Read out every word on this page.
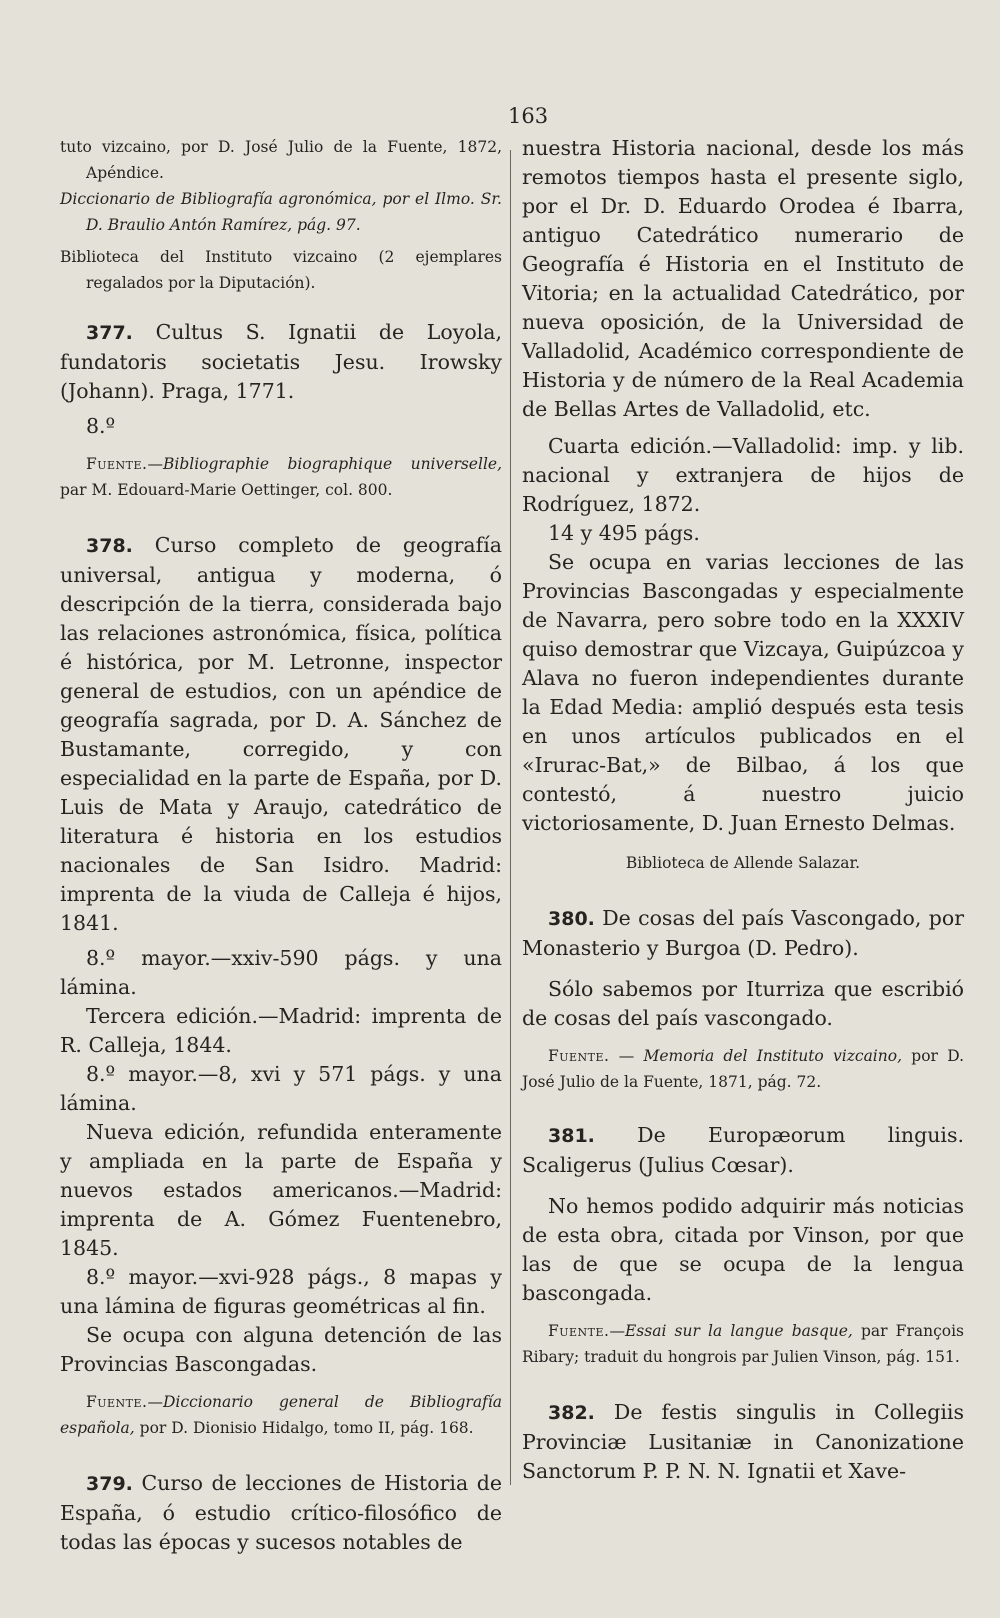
163

tuto vizcaino, por D. José Julio de la Fuente, 1872, Apéndice.

Diccionario de Bibliografía agronómica, por el Ilmo. Sr. D. Braulio Antón Ramírez, pág. 97.

Biblioteca del Instituto vizcaino (2 ejemplares regalados por la Diputación).

377. Cultus S. Ignatii de Loyola, fundatoris societatis Jesu. Irowsky (Johann). Praga, 1771.

8.º

Fuente.—Bibliographie biographique universelle, par M. Edouard-Marie Oettinger, col. 800.

378. Curso completo de geografía universal, antigua y moderna, ó descripción de la tierra, considerada bajo las relaciones astronómica, física, política é histórica, por M. Letronne, inspector general de estudios, con un apéndice de geografía sagrada, por D. A. Sánchez de Bustamante, corregido, y con especialidad en la parte de España, por D. Luis de Mata y Araujo, catedrático de literatura é historia en los estudios nacionales de San Isidro. Madrid: imprenta de la viuda de Calleja é hijos, 1841.

8.º mayor.—xxiv-590 págs. y una lámina.

Tercera edición.—Madrid: imprenta de R. Calleja, 1844.

8.º mayor.—8, xvi y 571 págs. y una lámina.

Nueva edición, refundida enteramente y ampliada en la parte de España y nuevos estados americanos.—Madrid: imprenta de A. Gómez Fuentenebro, 1845.

8.º mayor.—xvi-928 págs., 8 mapas y una lámina de figuras geométricas al fin.

Se ocupa con alguna detención de las Provincias Bascongadas.

Fuente.—Diccionario general de Bibliografía española, por D. Dionisio Hidalgo, tomo II, pág. 168.

379. Curso de lecciones de Historia de España, ó estudio crítico-filosófico de todas las épocas y sucesos notables de

nuestra Historia nacional, desde los más remotos tiempos hasta el presente siglo, por el Dr. D. Eduardo Orodea é Ibarra, antiguo Catedrático numerario de Geografía é Historia en el Instituto de Vitoria; en la actualidad Catedrático, por nueva oposición, de la Universidad de Valladolid, Académico correspondiente de Historia y de número de la Real Academia de Bellas Artes de Valladolid, etc.

Cuarta edición.—Valladolid: imp. y lib. nacional y extranjera de hijos de Rodríguez, 1872.

14 y 495 págs.

Se ocupa en varias lecciones de las Provincias Bascongadas y especialmente de Navarra, pero sobre todo en la XXXIV quiso demostrar que Vizcaya, Guipúzcoa y Alava no fueron independientes durante la Edad Media: amplió después esta tesis en unos artículos publicados en el «Irurac-Bat,» de Bilbao, á los que contestó, á nuestro juicio victoriosamente, D. Juan Ernesto Delmas.

Biblioteca de Allende Salazar.

380. De cosas del país Vascongado, por Monasterio y Burgoa (D. Pedro).

Sólo sabemos por Iturriza que escribió de cosas del país vascongado.

Fuente. — Memoria del Instituto vizcaino, por D. José Julio de la Fuente, 1871, pág. 72.

381. De Europæorum linguis. Scaligerus (Julius Cœsar).

No hemos podido adquirir más noticias de esta obra, citada por Vinson, por que las de que se ocupa de la lengua bascongada.

Fuente.—Essai sur la langue basque, par François Ribary; traduit du hongrois par Julien Vinson, pág. 151.

382. De festis singulis in Collegiis Provinciæ Lusitaniæ in Canonizatione Sanctorum P. P. N. N. Ignatii et Xave-
